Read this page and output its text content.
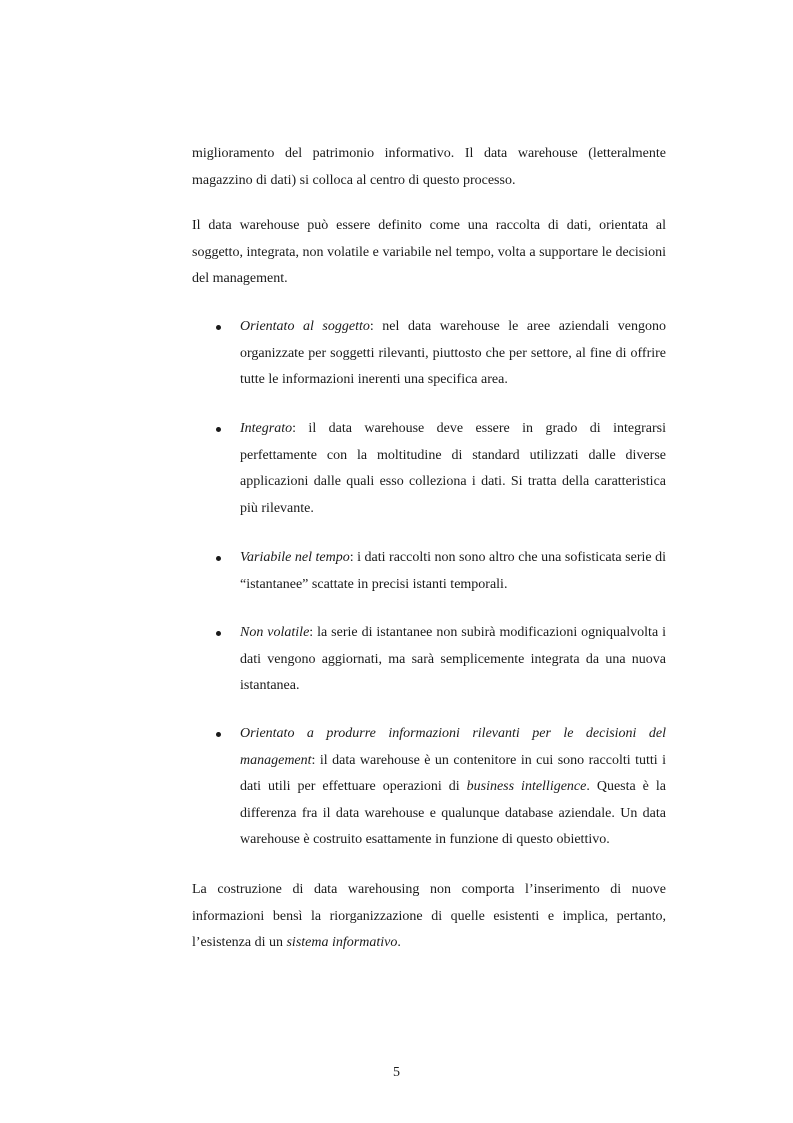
miglioramento del patrimonio informativo. Il data warehouse (letteralmente magazzino di dati) si colloca al centro di questo processo.

Il data warehouse può essere definito come una raccolta di dati, orientata al soggetto, integrata, non volatile e variabile nel tempo, volta a supportare le decisioni del management.

Orientato al soggetto: nel data warehouse le aree aziendali vengono organizzate per soggetti rilevanti, piuttosto che per settore, al fine di offrire tutte le informazioni inerenti una specifica area.

Integrato: il data warehouse deve essere in grado di integrarsi perfettamente con la moltitudine di standard utilizzati dalle diverse applicazioni dalle quali esso colleziona i dati. Si tratta della caratteristica più rilevante.

Variabile nel tempo: i dati raccolti non sono altro che una sofisticata serie di “istantanee” scattate in precisi istanti temporali.

Non volatile: la serie di istantanee non subirà modificazioni ogniqualvolta i dati vengono aggiornati, ma sarà semplicemente integrata da una nuova istantanea.

Orientato a produrre informazioni rilevanti per le decisioni del management: il data warehouse è un contenitore in cui sono raccolti tutti i dati utili per effettuare operazioni di business intelligence. Questa è la differenza fra il data warehouse e qualunque database aziendale. Un data warehouse è costruito esattamente in funzione di questo obiettivo.

La costruzione di data warehousing non comporta l’inserimento di nuove informazioni bensì la riorganizzazione di quelle esistenti e implica, pertanto, l’esistenza di un sistema informativo.

5
